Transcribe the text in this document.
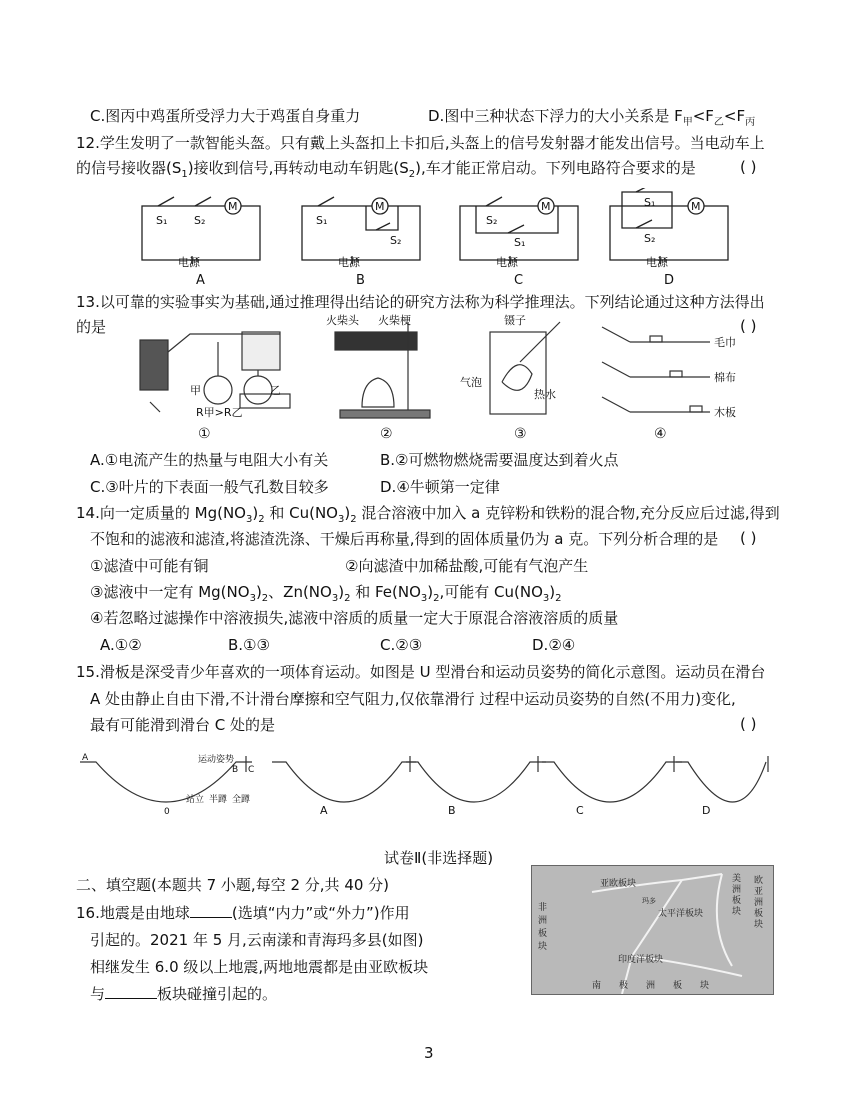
C.图丙中鸡蛋所受浮力大于鸡蛋自身重力	D.图中三种状态下浮力的大小关系是 $F_甲<F_乙<F_丙$
12.学生发明了一款智能头盔。只有戴上头盔扣上卡扣后,头盔上的信号发射器才能发出信号。当电动车上
的信号接收器$(S_1)$接收到信号,再转动电动车钥匙$(S_2)$,车才能正常启动。下列电路符合要求的是	( )
M
S₁ S₂
电源
A
M
S₁
S₂
电源
B
M
S₂
S₁
电源
C
M
S₁
S₂
电源
D
13.以可靠的实验事实为基础,通过推理得出结论的研究方法称为科学推理法。下列结论通过这种方法得出
的是	( )
甲	乙
R甲>R乙
①
火柴头 火柴梗
②
镊子
气泡
热水
③
毛巾
棉布
木板
④
A.①电流产生的热量与电阻大小有关	B.②可燃物燃烧需要温度达到着火点
C.③叶片的下表面一般气孔数目较多	D.④牛顿第一定律
14.向一定质量的 $Mg(NO_3)_2$ 和 $Cu(NO_3)_2$ 混合溶液中加入 a 克锌粉和铁粉的混合物,充分反应后过滤,得到
不饱和的滤液和滤渣,将滤渣洗涤、干燥后再称量,得到的固体质量仍为 a 克。下列分析合理的是 ( )
①滤渣中可能有铜	②向滤渣中加稀盐酸,可能有气泡产生
③滤液中一定有 $Mg(NO_3)_2$、$Zn(NO_3)_2$ 和 $Fe(NO_3)_2$,可能有 $Cu(NO_3)_2$
④若忽略过滤操作中溶液损失,滤液中溶质的质量一定大于原混合溶液溶质的质量
A.①②	B.①③	C.②③	D.②④
15.滑板是深受青少年喜欢的一项体育运动。如图是 U 型滑台和运动员姿势的简化示意图。运动员在滑台
A 处由静止自由下滑,不计滑台摩擦和空气阻力,仅依靠滑行 过程中运动员姿势的自然(不用力)变化,
最有可能滑到滑台 C 处的是	( )
A
B C
0
运动姿势
站立 半蹲 全蹲
A	B	C	D
试卷Ⅱ(非选择题)
二、填空题(本题共 7 小题,每空 2 分,共 40 分)
16.地震是由地球	(选填“内力”或“外力”)作用
引起的。2021 年 5 月,云南漾和青海玛多县(如图)
相继发生 6.0 级以上地震,两地地震都是由亚欧板块
与	板块碰撞引起的。
亚欧板块
太平洋板块
印度洋板块
玛多
非洲板块
美洲板块
欧亚洲板块
南极洲板块
3
